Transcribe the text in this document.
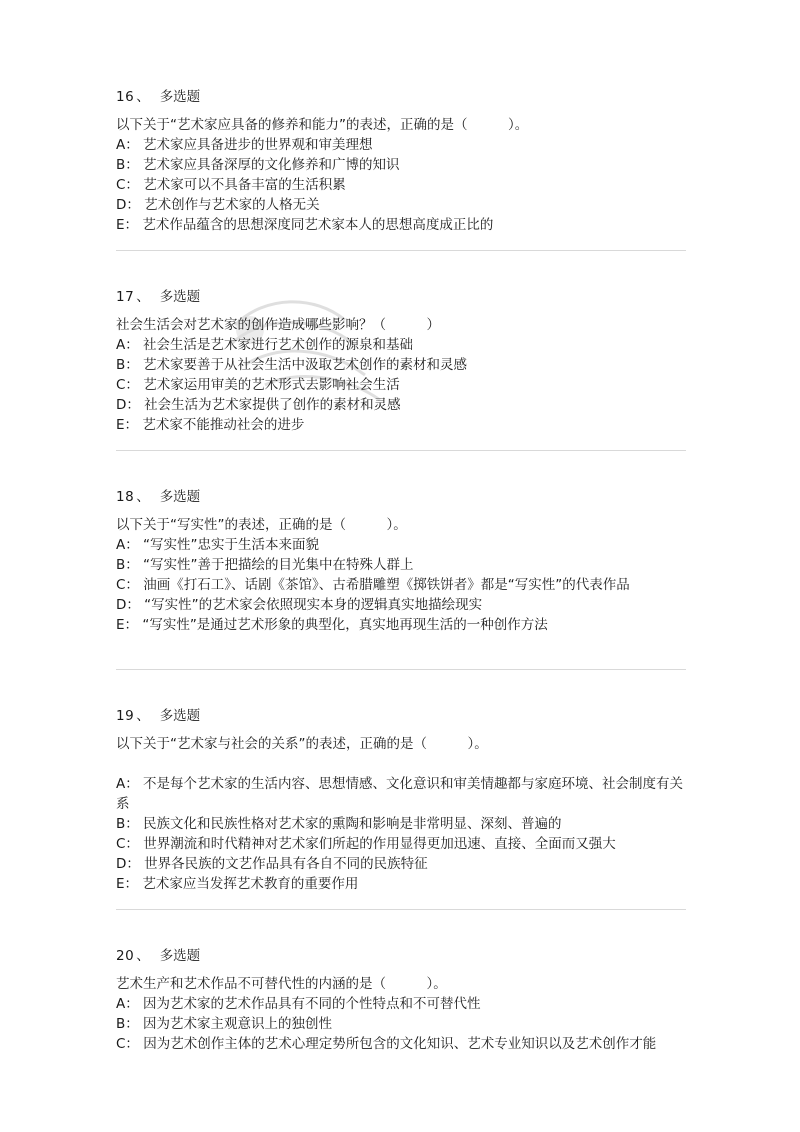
16 、 多选题
以下关于“艺术家应具备的修养和能力”的表述，正确的是（　　　）。
A： 艺术家应具备进步的世界观和审美理想
B： 艺术家应具备深厚的文化修养和广博的知识
C： 艺术家可以不具备丰富的生活积累
D： 艺术创作与艺术家的人格无关
E： 艺术作品蕴含的思想深度同艺术家本人的思想高度成正比的
17 、 多选题
社会生活会对艺术家的创作造成哪些影响？（　　　）
A： 社会生活是艺术家进行艺术创作的源泉和基础
B： 艺术家要善于从社会生活中汲取艺术创作的素材和灵感
C： 艺术家运用审美的艺术形式去影响社会生活
D： 社会生活为艺术家提供了创作的素材和灵感
E： 艺术家不能推动社会的进步
18 、 多选题
以下关于“写实性”的表述，正确的是（　　　）。
A： “写实性”忠实于生活本来面貌
B： “写实性”善于把描绘的目光集中在特殊人群上
C： 油画《打石工》、话剧《茶馆》、古希腊雕塑《掷铁饼者》都是“写实性”的代表作品
D： “写实性”的艺术家会依照现实本身的逻辑真实地描绘现实
E： “写实性”是通过艺术形象的典型化，真实地再现生活的一种创作方法
19 、 多选题
以下关于“艺术家与社会的关系”的表述，正确的是（　　　）。
A： 不是每个艺术家的生活内容、思想情感、文化意识和审美情趣都与家庭环境、社会制度有关系
B： 民族文化和民族性格对艺术家的熏陶和影响是非常明显、深刻、普遍的
C： 世界潮流和时代精神对艺术家们所起的作用显得更加迅速、直接、全面而又强大
D： 世界各民族的文艺作品具有各自不同的民族特征
E： 艺术家应当发挥艺术教育的重要作用
20 、 多选题
艺术生产和艺术作品不可替代性的内涵的是（　　　）。
A： 因为艺术家的艺术作品具有不同的个性特点和不可替代性
B： 因为艺术家主观意识上的独创性
C： 因为艺术创作主体的艺术心理定势所包含的文化知识、艺术专业知识以及艺术创作才能
